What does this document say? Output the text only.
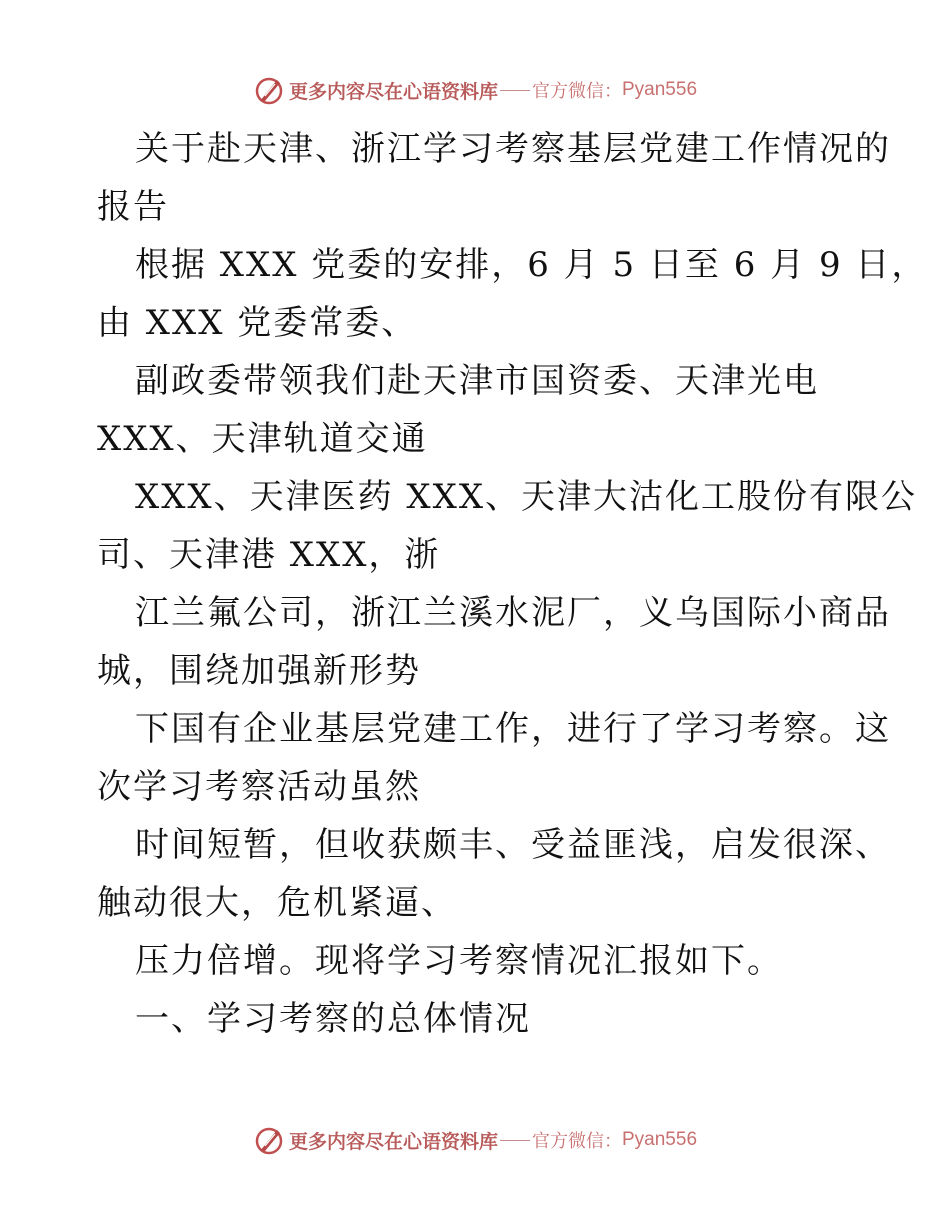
更多内容尽在心语资料库 官方微信： Pyan556
关于赴天津、浙江学习考察基层党建工作情况的
报告
根据 XXX 党委的安排，6 月 5 日至 6 月 9 日，
由 XXX 党委常委、
副政委带领我们赴天津市国资委、天津光电
XXX、天津轨道交通
XXX、天津医药 XXX、天津大沽化工股份有限公
司、天津港 XXX，浙
江兰氟公司，浙江兰溪水泥厂，义乌国际小商品
城，围绕加强新形势
下国有企业基层党建工作，进行了学习考察。这
次学习考察活动虽然
时间短暂，但收获颇丰、受益匪浅，启发很深、
触动很大，危机紧逼、
压力倍增。现将学习考察情况汇报如下。
一、学习考察的总体情况
更多内容尽在心语资料库 官方微信： Pyan556
